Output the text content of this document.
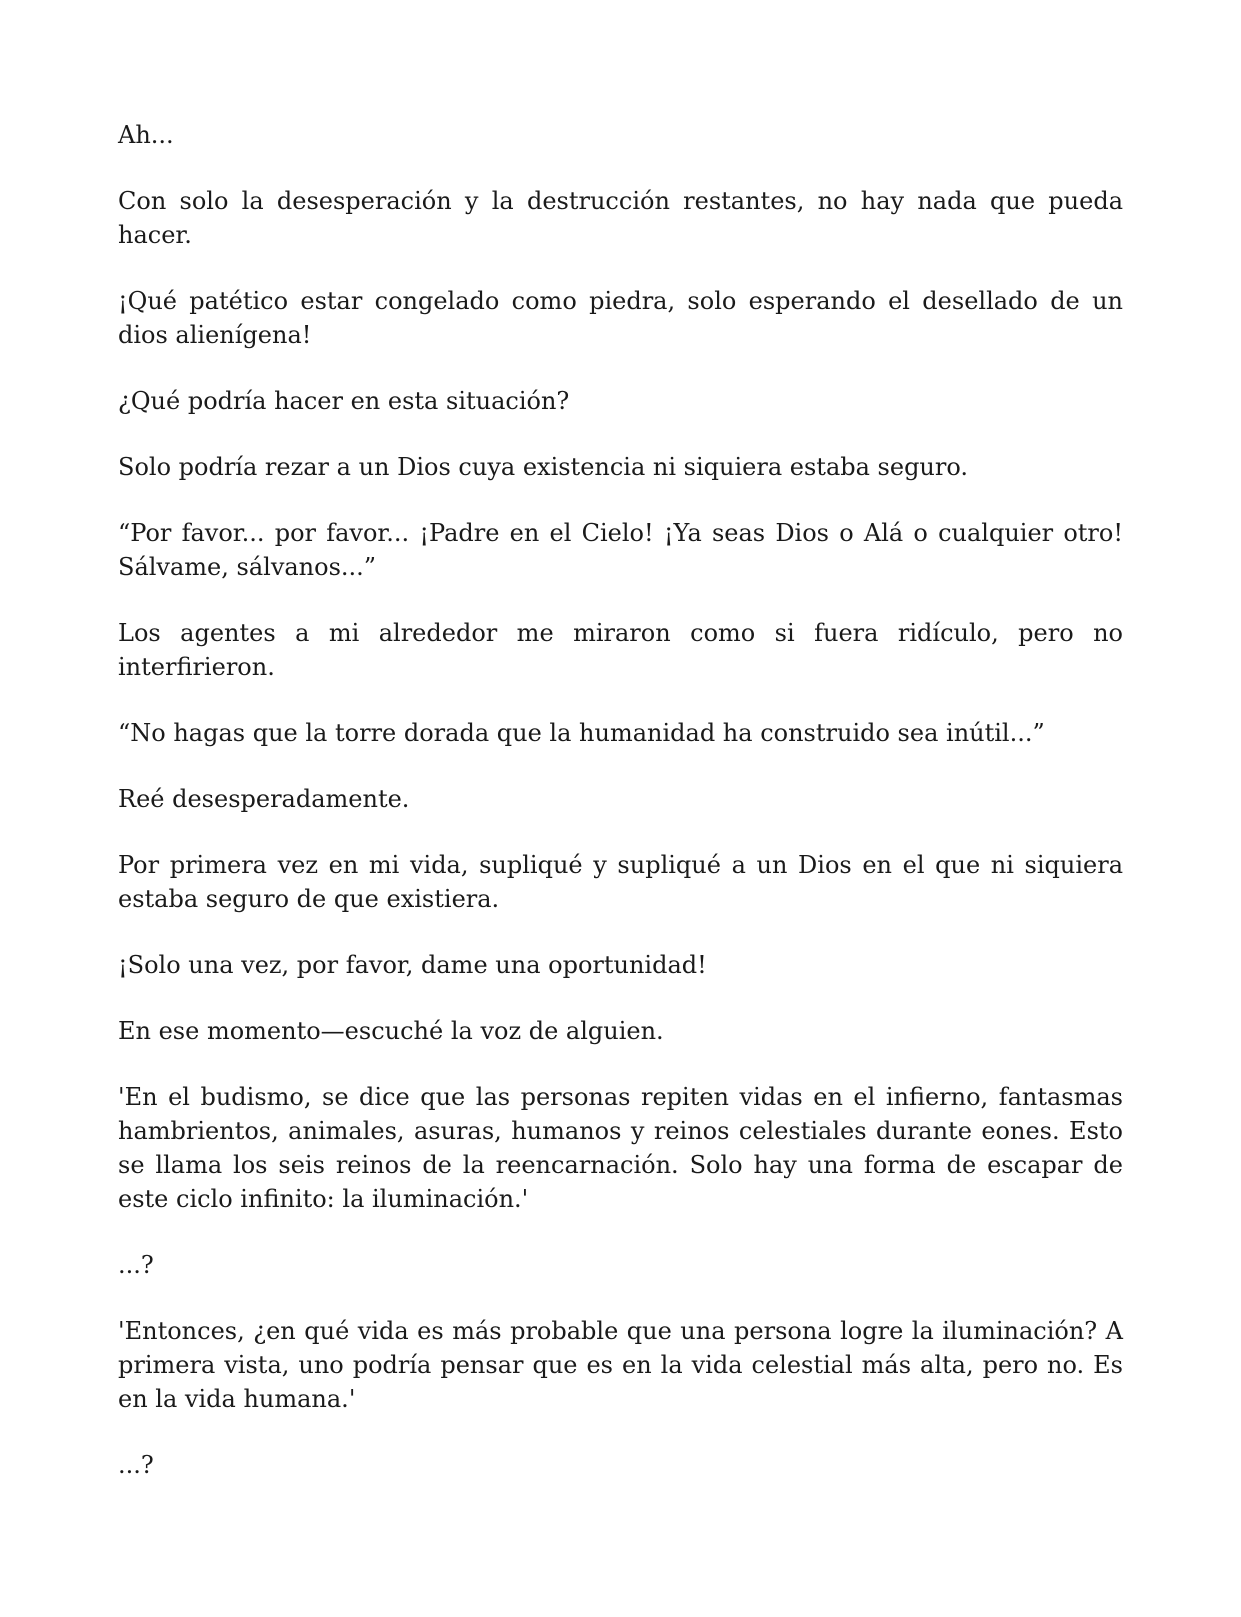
Ah...

Con solo la desesperación y la destrucción restantes, no hay nada que pueda hacer.

¡Qué patético estar congelado como piedra, solo esperando el desellado de un dios alienígena!

¿Qué podría hacer en esta situación?

Solo podría rezar a un Dios cuya existencia ni siquiera estaba seguro.

“Por favor... por favor... ¡Padre en el Cielo! ¡Ya seas Dios o Alá o cualquier otro! Sálvame, sálvanos...”

Los agentes a mi alrededor me miraron como si fuera ridículo, pero no interfirieron.

“No hagas que la torre dorada que la humanidad ha construido sea inútil...”

Reé desesperadamente.

Por primera vez en mi vida, supliqué y supliqué a un Dios en el que ni siquiera estaba seguro de que existiera.

¡Solo una vez, por favor, dame una oportunidad!

En ese momento—escuché la voz de alguien.

'En el budismo, se dice que las personas repiten vidas en el infierno, fantasmas hambrientos, animales, asuras, humanos y reinos celestiales durante eones. Esto se llama los seis reinos de la reencarnación. Solo hay una forma de escapar de este ciclo infinito: la iluminación.'

...?

'Entonces, ¿en qué vida es más probable que una persona logre la iluminación? A primera vista, uno podría pensar que es en la vida celestial más alta, pero no. Es en la vida humana.'

...?
